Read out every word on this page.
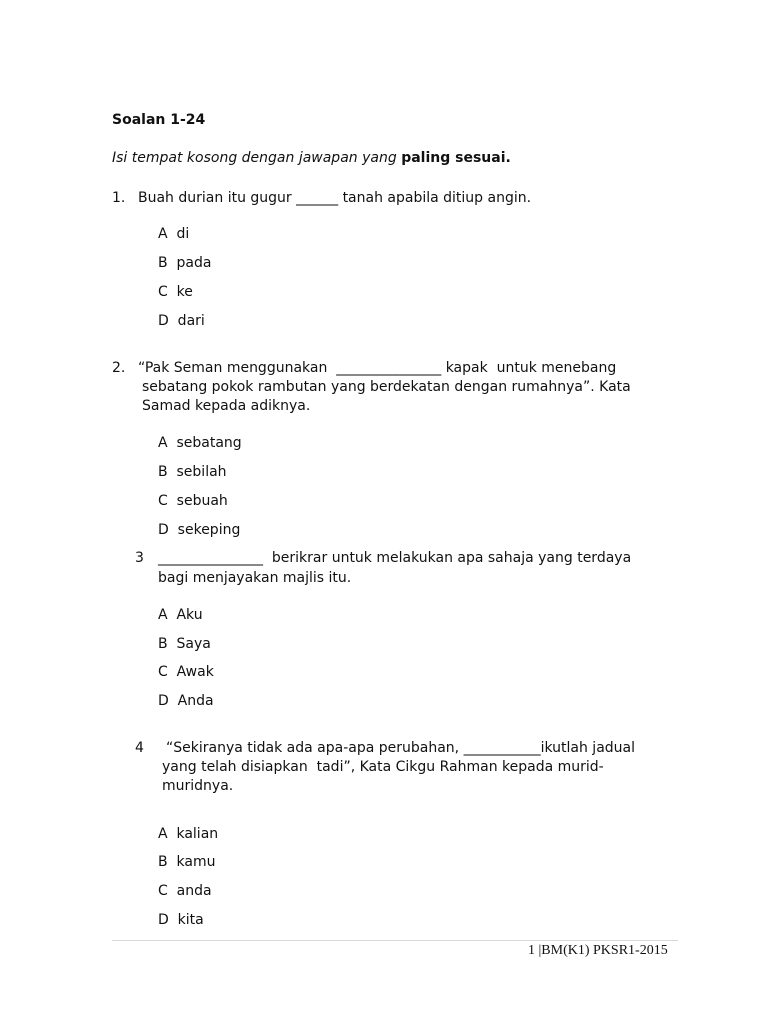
Soalan 1-24
Isi tempat kosong dengan jawapan yang paling sesuai.
1. Buah durian itu gugur ______ tanah apabila ditiup angin.
A  di
B  pada
C  ke
D  dari
2. “Pak Seman menggunakan  _______________ kapak  untuk menebang
sebatang pokok rambutan yang berdekatan dengan rumahnya”. Kata
Samad kepada adiknya.
A  sebatang
B  sebilah
C  sebuah
D  sekeping
3 _______________  berikrar untuk melakukan apa sahaja yang terdaya
bagi menjayakan majlis itu.
A  Aku
B  Saya
C  Awak
D  Anda
4 “Sekiranya tidak ada apa-apa perubahan, ___________ikutlah jadual
yang telah disiapkan  tadi”, Kata Cikgu Rahman kepada murid-
muridnya.
A  kalian
B  kamu
C  anda
D  kita
1 |BM(K1) PKSR1-2015
